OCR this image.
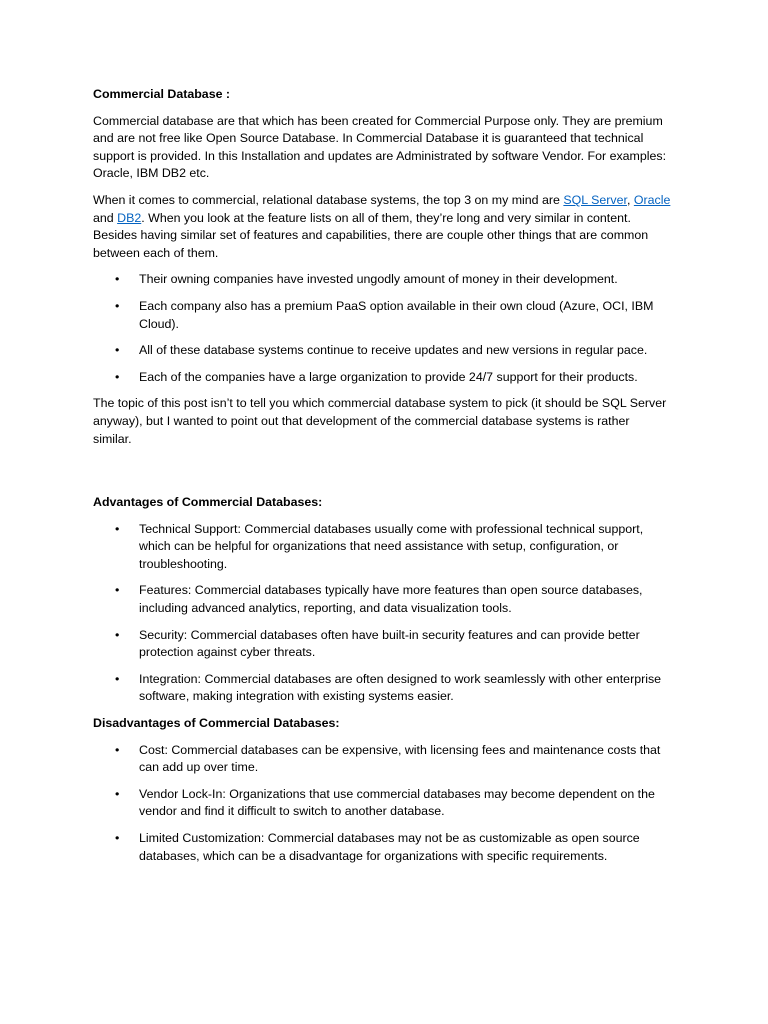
Commercial Database :

Commercial database are that which has been created for Commercial Purpose only. They are premium and are not free like Open Source Database. In Commercial Database it is guaranteed that technical support is provided. In this Installation and updates are Administrated by software Vendor. For examples: Oracle, IBM DB2 etc.

When it comes to commercial, relational database systems, the top 3 on my mind are SQL Server, Oracle and DB2. When you look at the feature lists on all of them, they’re long and very similar in content. Besides having similar set of features and capabilities, there are couple other things that are common between each of them.

• Their owning companies have invested ungodly amount of money in their development.
• Each company also has a premium PaaS option available in their own cloud (Azure, OCI, IBM Cloud).
• All of these database systems continue to receive updates and new versions in regular pace.
• Each of the companies have a large organization to provide 24/7 support for their products.

The topic of this post isn’t to tell you which commercial database system to pick (it should be SQL Server anyway), but I wanted to point out that development of the commercial database systems is rather similar.

Advantages of Commercial Databases:
• Technical Support: Commercial databases usually come with professional technical support, which can be helpful for organizations that need assistance with setup, configuration, or troubleshooting.
• Features: Commercial databases typically have more features than open source databases, including advanced analytics, reporting, and data visualization tools.
• Security: Commercial databases often have built-in security features and can provide better protection against cyber threats.
• Integration: Commercial databases are often designed to work seamlessly with other enterprise software, making integration with existing systems easier.
Disadvantages of Commercial Databases:
• Cost: Commercial databases can be expensive, with licensing fees and maintenance costs that can add up over time.
• Vendor Lock-In: Organizations that use commercial databases may become dependent on the vendor and find it difficult to switch to another database.
• Limited Customization: Commercial databases may not be as customizable as open source databases, which can be a disadvantage for organizations with specific requirements.
